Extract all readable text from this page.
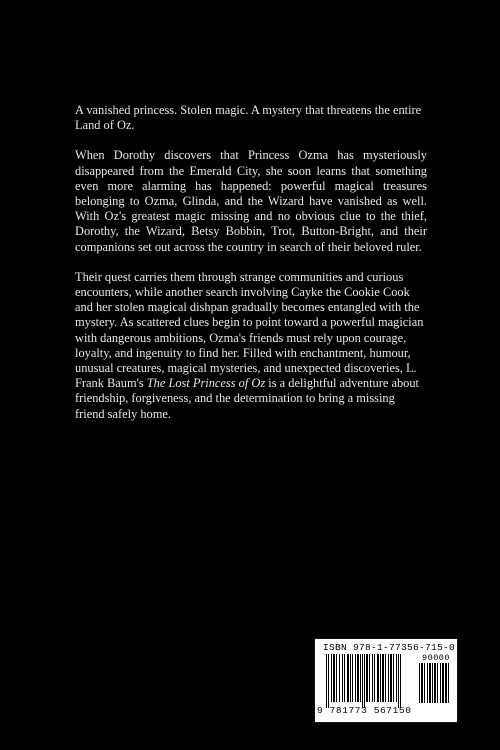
A vanished princess. Stolen magic. A mystery that threatens the entire Land of Oz.

When Dorothy discovers that Princess Ozma has mysteriously disappeared from the Emerald City, she soon learns that something even more alarming has happened: powerful magical treasures belonging to Ozma, Glinda, and the Wizard have vanished as well. With Oz's greatest magic missing and no obvious clue to the thief, Dorothy, the Wizard, Betsy Bobbin, Trot, Button-Bright, and their companions set out across the country in search of their beloved ruler.

Their quest carries them through strange communities and curious encounters, while another search involving Cayke the Cookie Cook and her stolen magical dishpan gradually becomes entangled with the mystery. As scattered clues begin to point toward a powerful magician with dangerous ambitions, Ozma's friends must rely upon courage, loyalty, and ingenuity to find her. Filled with enchantment, humour, unusual creatures, magical mysteries, and unexpected discoveries, L. Frank Baum's The Lost Princess of Oz is a delightful adventure about friendship, forgiveness, and the determination to bring a missing friend safely home.

ISBN 978-1-77356-715-0
90000
9 781773 567150
